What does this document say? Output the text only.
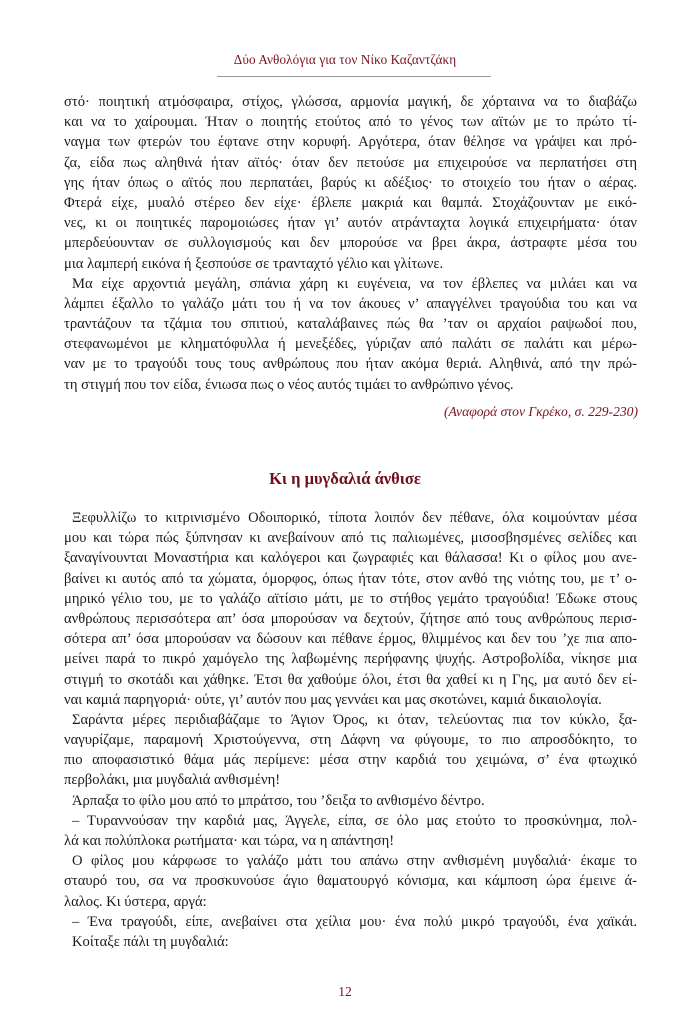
Δύο Ανθολόγια για τον Νίκο Καζαντζάκη
στό· ποιητική ατμόσφαιρα, στίχος, γλώσσα, αρμονία μαγική, δε χόρταινα να το διαβάζω
και να το χαίρουμαι. Ήταν ο ποιητής ετούτος από το γένος των αϊτών με το πρώτο τί-
ναγμα των φτερών του έφτανε στην κορυφή. Αργότερα, όταν θέλησε να γράψει και πρό-
ζα, είδα πως αληθινά ήταν αϊτός· όταν δεν πετούσε μα επιχειρούσε να περπατήσει στη
γης ήταν όπως ο αϊτός που περπατάει, βαρύς κι αδέξιος· το στοιχείο του ήταν ο αέρας.
Φτερά είχε, μυαλό στέρεο δεν είχε· έβλεπε μακριά και θαμπά. Στοχάζουνταν με εικό-
νες, κι οι ποιητικές παρομοιώσες ήταν γι’ αυτόν ατράνταχτα λογικά επιχειρήματα· όταν
μπερδεύουνταν σε συλλογισμούς και δεν μπορούσε να βρει άκρα, άστραφτε μέσα του
μια λαμπερή εικόνα ή ξεσπούσε σε τρανταχτό γέλιο και γλίτωνε.
Μα είχε αρχοντιά μεγάλη, σπάνια χάρη κι ευγένεια, να τον έβλεπες να μιλάει και να
λάμπει έξαλλο το γαλάζο μάτι του ή να τον άκουες ν’ απαγγέλνει τραγούδια του και να
τραντάζουν τα τζάμια του σπιτιού, καταλάβαινες πώς θα ’ταν οι αρχαίοι ραψωδοί που,
στεφανωμένοι με κληματόφυλλα ή μενεξέδες, γύριζαν από παλάτι σε παλάτι και μέρω-
ναν με το τραγούδι τους τους ανθρώπους που ήταν ακόμα θεριά. Αληθινά, από την πρώ-
τη στιγμή που τον είδα, ένιωσα πως ο νέος αυτός τιμάει το ανθρώπινο γένος.
(Αναφορά στον Γκρέκο, σ. 229-230)
Κι η μυγδαλιά άνθισε
Ξεφυλλίζω το κιτρινισμένο Οδοιπορικό, τίποτα λοιπόν δεν πέθανε, όλα κοιμούνταν μέσα
μου και τώρα πώς ξύπνησαν κι ανεβαίνουν από τις παλιωμένες, μισοσβησμένες σελίδες και
ξαναγίνουνται Μοναστήρια και καλόγεροι και ζωγραφιές και θάλασσα! Κι ο φίλος μου ανε-
βαίνει κι αυτός από τα χώματα, όμορφος, όπως ήταν τότε, στον ανθό της νιότης του, με τ’ ο-
μηρικό γέλιο του, με το γαλάζο αϊτίσιο μάτι, με το στήθος γεμάτο τραγούδια! Έδωκε στους
ανθρώπους περισσότερα απ’ όσα μπορούσαν να δεχτούν, ζήτησε από τους ανθρώπους περισ-
σότερα απ’ όσα μπορούσαν να δώσουν και πέθανε έρμος, θλιμμένος και δεν του ’χε πια απο-
μείνει παρά το πικρό χαμόγελο της λαβωμένης περήφανης ψυχής. Αστροβολίδα, νίκησε μια
στιγμή το σκοτάδι και χάθηκε. Έτσι θα χαθούμε όλοι, έτσι θα χαθεί κι η Γης, μα αυτό δεν εί-
ναι καμιά παρηγοριά· ούτε, γι’ αυτόν που μας γεννάει και μας σκοτώνει, καμιά δικαιολογία.
Σαράντα μέρες περιδιαβάζαμε το Άγιον Όρος, κι όταν, τελεύοντας πια τον κύκλο, ξα-
ναγυρίζαμε, παραμονή Χριστούγεννα, στη Δάφνη να φύγουμε, το πιο απροσδόκητο, το
πιο αποφασιστικό θάμα μάς περίμενε: μέσα στην καρδιά του χειμώνα, σ’ ένα φτωχικό
περβολάκι, μια μυγδαλιά ανθισμένη!
Άρπαξα το φίλο μου από το μπράτσο, του ’δειξα το ανθισμένο δέντρο.
– Τυραννούσαν την καρδιά μας, Άγγελε, είπα, σε όλο μας ετούτο το προσκύνημα, πολ-
λά και πολύπλοκα ρωτήματα· και τώρα, να η απάντηση!
Ο φίλος μου κάρφωσε το γαλάζο μάτι του απάνω στην ανθισμένη μυγδαλιά· έκαμε το
σταυρό του, σα να προσκυνούσε άγιο θαματουργό κόνισμα, και κάμποση ώρα έμεινε ά-
λαλος. Κι ύστερα, αργά:
– Ένα τραγούδι, είπε, ανεβαίνει στα χείλια μου· ένα πολύ μικρό τραγούδι, ένα χαϊκάι.
Κοίταξε πάλι τη μυγδαλιά:
12
